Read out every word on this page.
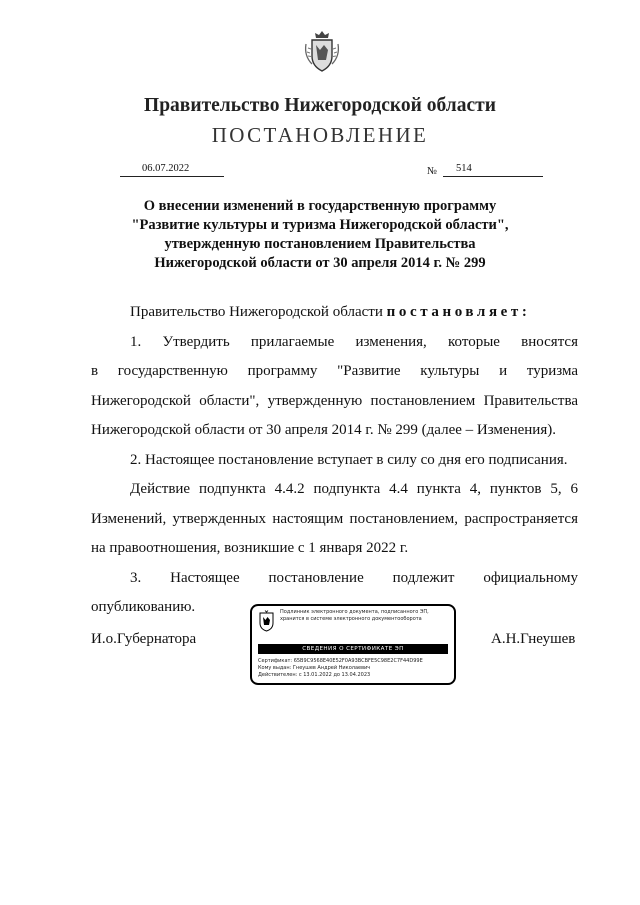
Правительство Нижегородской области
ПОСТАНОВЛЕНИЕ
06.07.2022	№ 514
О внесении изменений в государственную программу
"Развитие культуры и туризма Нижегородской области",
утвержденную постановлением Правительства
Нижегородской области от 30 апреля 2014 г. № 299

Правительство Нижегородской области постановляет:

1. Утвердить прилагаемые изменения, которые вносятся

в государственную программу "Развитие культуры и туризма

Нижегородской области", утвержденную постановлением Правительства

Нижегородской области от 30 апреля 2014 г. № 299 (далее – Изменения).

2. Настоящее постановление вступает в силу со дня его подписания.

Действие подпункта 4.4.2 подпункта 4.4 пункта 4, пунктов 5, 6

Изменений, утвержденных настоящим постановлением, распространяется

на правоотношения, возникшие с 1 января 2022 г.

3. Настоящее постановление подлежит официальному

опубликованию.

И.о.Губернатора	А.Н.Гнеушев
Подлинник электронного документа, подписанного ЭП,
хранится в системе электронного документооборота
СВЕДЕНИЯ О СЕРТИФИКАТЕ ЭП
Сертификат: 65B9C9568E40E52F0A93BCBFE5C98E2C7F44D99E
Кому выдан: Гнеушев Андрей Николаевич
Действителен: с 13.01.2022 до 13.04.2023
